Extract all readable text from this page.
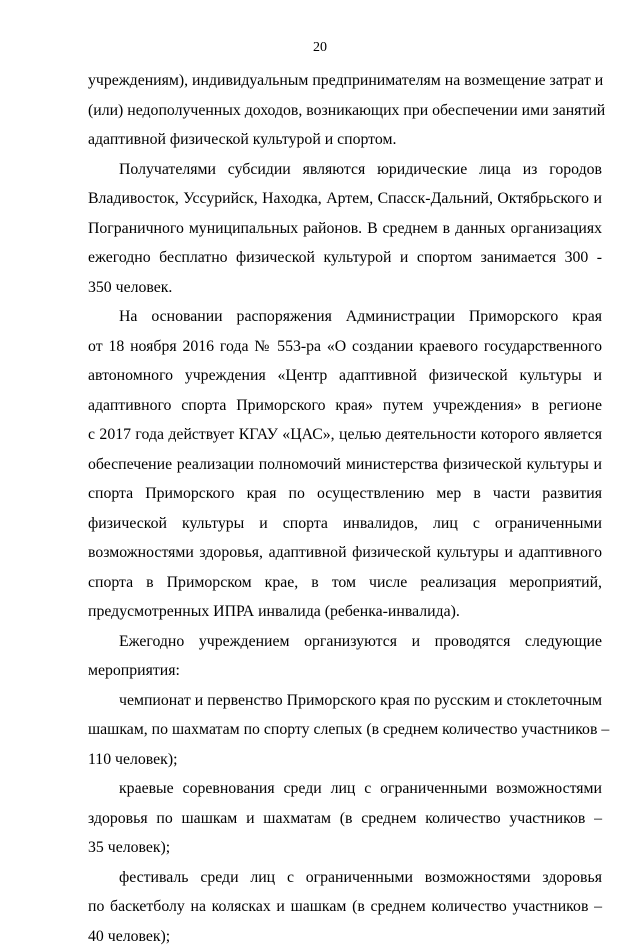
20
учреждениям), индивидуальным предпринимателям на возмещение затрат и
(или) недополученных доходов, возникающих при обеспечении ими занятий
адаптивной физической культурой и спортом.
Получателями субсидии являются юридические лица из городов
Владивосток, Уссурийск, Находка, Артем, Спасск-Дальний, Октябрьского и
Пограничного муниципальных районов. В среднем в данных организациях
ежегодно бесплатно физической культурой и спортом занимается 300 -
350 человек.
На основании распоряжения Администрации Приморского края
от 18 ноября 2016 года № 553-ра «О создании краевого государственного
автономного учреждения «Центр адаптивной физической культуры и
адаптивного спорта Приморского края» путем учреждения» в регионе
с 2017 года действует КГАУ «ЦАС», целью деятельности которого является
обеспечение реализации полномочий министерства физической культуры и
спорта Приморского края по осуществлению мер в части развития
физической культуры и спорта инвалидов, лиц с ограниченными
возможностями здоровья, адаптивной физической культуры и адаптивного
спорта в Приморском крае, в том числе реализация мероприятий,
предусмотренных ИПРА инвалида (ребенка-инвалида).
Ежегодно учреждением организуются и проводятся следующие
мероприятия:
чемпионат и первенство Приморского края по русским и стоклеточным
шашкам, по шахматам по спорту слепых (в среднем количество участников –
110 человек);
краевые соревнования среди лиц с ограниченными возможностями
здоровья по шашкам и шахматам (в среднем количество участников –
35 человек);
фестиваль среди лиц с ограниченными возможностями здоровья
по баскетболу на колясках и шашкам (в среднем количество участников –
40 человек);
